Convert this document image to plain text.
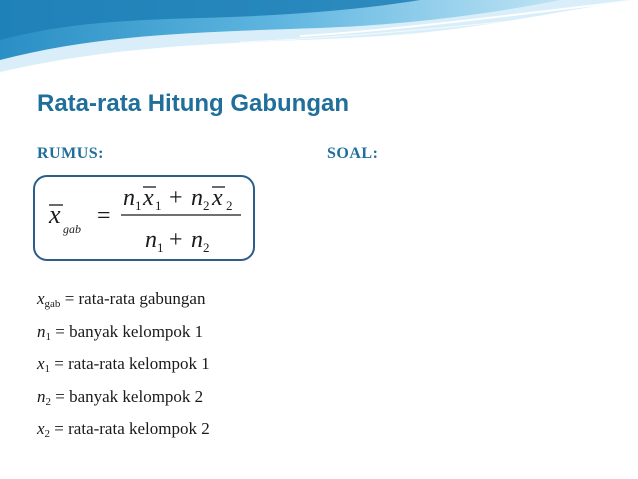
Rata-rata Hitung Gabungan
RUMUS:	SOAL:
x gab =
n 1 x 1 + n 2 x 2
n 1 + n 2
xgab = rata-rata gabungan
n1 = banyak kelompok 1
x1 = rata-rata kelompok 1
n2 = banyak kelompok 2
x2 = rata-rata kelompok 2
